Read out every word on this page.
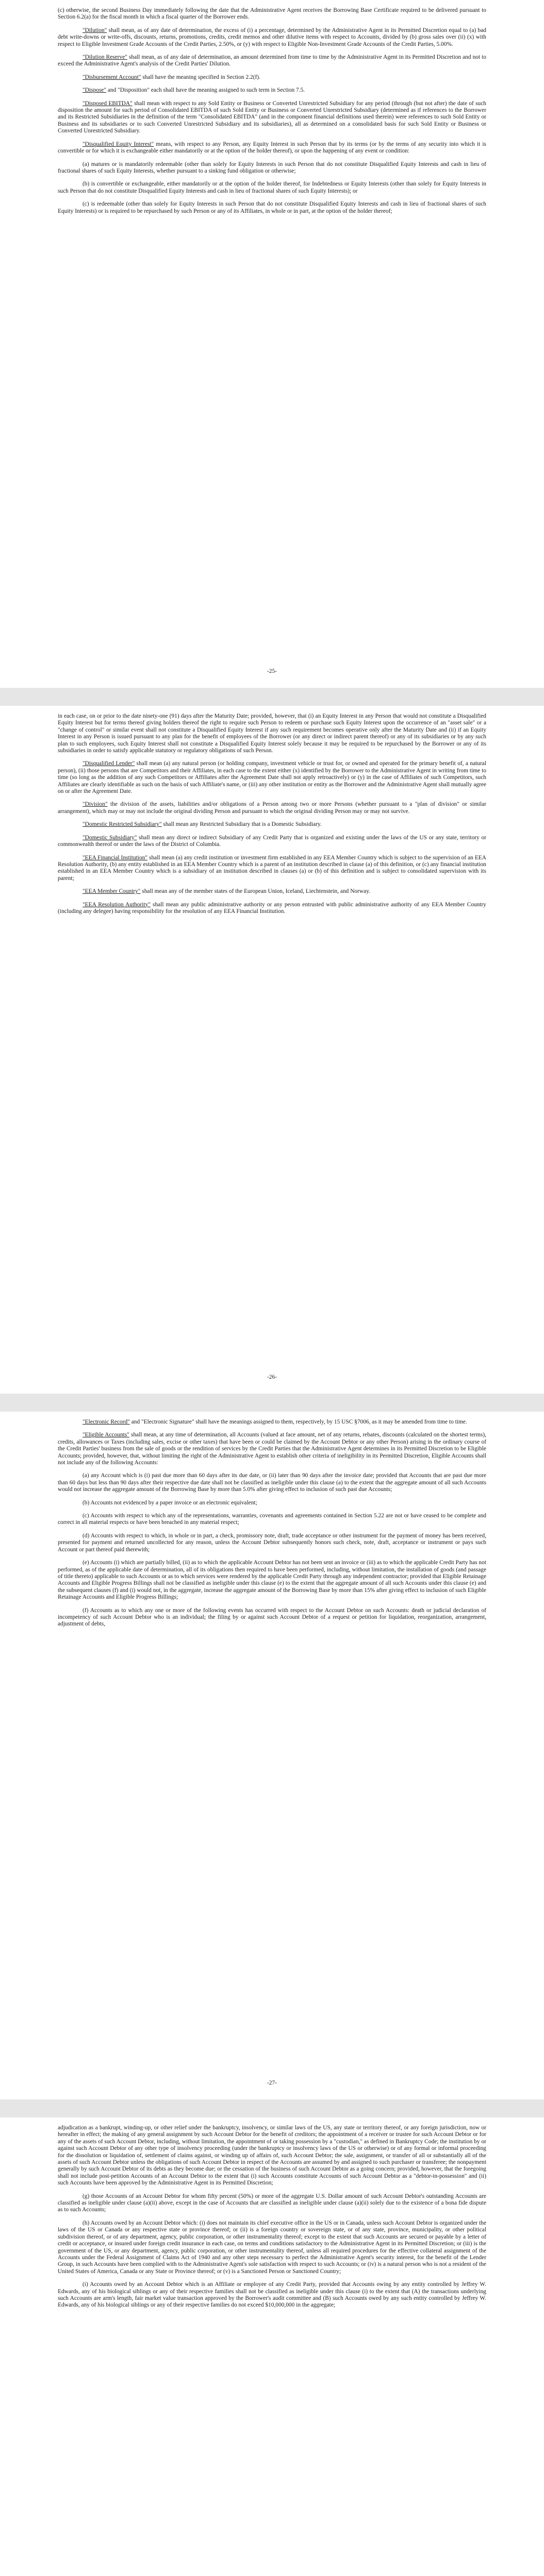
(c) otherwise, the second Business Day immediately following the date that the Administrative Agent receives the Borrowing Base Certificate required to be delivered pursuant to Section 6.2(a) for the fiscal month in which a fiscal quarter of the Borrower ends.

"Dilution" shall mean, as of any date of determination, the excess of (i) a percentage, determined by the Administrative Agent in its Permitted Discretion equal to (a) bad debt write-downs or write-offs, discounts, returns, promotions, credits, credit memos and other dilutive items with respect to Accounts, divided by (b) gross sales over (ii) (x) with respect to Eligible Investment Grade Accounts of the Credit Parties, 2.50%, or (y) with respect to Eligible Non-Investment Grade Accounts of the Credit Parties, 5.00%.

"Dilution Reserve" shall mean, as of any date of determination, an amount determined from time to time by the Administrative Agent in its Permitted Discretion and not to exceed the Administrative Agent's analysis of the Credit Parties' Dilution.

"Disbursement Account" shall have the meaning specified in Section 2.2(f).

"Dispose" and "Disposition" each shall have the meaning assigned to such term in Section 7.5.

"Disposed EBITDA" shall mean with respect to any Sold Entity or Business or Converted Unrestricted Subsidiary for any period (through (but not after) the date of such disposition the amount for such period of Consolidated EBITDA of such Sold Entity or Business or Converted Unrestricted Subsidiary (determined as if references to the Borrower and its Restricted Subsidiaries in the definition of the term "Consolidated EBITDA" (and in the component financial definitions used therein) were references to such Sold Entity or Business and its subsidiaries or to such Converted Unrestricted Subsidiary and its subsidiaries), all as determined on a consolidated basis for such Sold Entity or Business or Converted Unrestricted Subsidiary.

"Disqualified Equity Interest" means, with respect to any Person, any Equity Interest in such Person that by its terms (or by the terms of any security into which it is convertible or for which it is exchangeable either mandatorily or at the option of the holder thereof), or upon the happening of any event or condition:

(a) matures or is mandatorily redeemable (other than solely for Equity Interests in such Person that do not constitute Disqualified Equity Interests and cash in lieu of fractional shares of such Equity Interests, whether pursuant to a sinking fund obligation or otherwise;

(b) is convertible or exchangeable, either mandatorily or at the option of the holder thereof, for Indebtedness or Equity Interests (other than solely for Equity Interests in such Person that do not constitute Disqualified Equity Interests and cash in lieu of fractional shares of such Equity Interests); or

(c) is redeemable (other than solely for Equity Interests in such Person that do not constitute Disqualified Equity Interests and cash in lieu of fractional shares of such Equity Interests) or is required to be repurchased by such Person or any of its Affiliates, in whole or in part, at the option of the holder thereof;

-25-

in each case, on or prior to the date ninety-one (91) days after the Maturity Date; provided, however, that (i) an Equity Interest in any Person that would not constitute a Disqualified Equity Interest but for terms thereof giving holders thereof the right to require such Person to redeem or purchase such Equity Interest upon the occurrence of an "asset sale" or a "change of control" or similar event shall not constitute a Disqualified Equity Interest if any such requirement becomes operative only after the Maturity Date and (ii) if an Equity Interest in any Person is issued pursuant to any plan for the benefit of employees of the Borrower (or any direct or indirect parent thereof) or any of its subsidiaries or by any such plan to such employees, such Equity Interest shall not constitute a Disqualified Equity Interest solely because it may be required to be repurchased by the Borrower or any of its subsidiaries in order to satisfy applicable statutory or regulatory obligations of such Person.

"Disqualified Lender" shall mean (a) any natural person (or holding company, investment vehicle or trust for, or owned and operated for the primary benefit of, a natural person), (ii) those persons that are Competitors and their Affiliates, in each case to the extent either (x) identified by the Borrower to the Administrative Agent in writing from time to time (so long as the addition of any such Competitors or Affiliates after the Agreement Date shall not apply retroactively) or (y) in the case of Affiliates of such Competitors, such Affiliates are clearly identifiable as such on the basis of such Affiliate's name, or (iii) any other institution or entity as the Borrower and the Administrative Agent shall mutually agree on or after the Agreement Date.

"Division" the division of the assets, liabilities and/or obligations of a Person among two or more Persons (whether pursuant to a "plan of division" or similar arrangement), which may or may not include the original dividing Person and pursuant to which the original dividing Person may or may not survive.

"Domestic Restricted Subsidiary" shall mean any Restricted Subsidiary that is a Domestic Subsidiary.

"Domestic Subsidiary" shall mean any direct or indirect Subsidiary of any Credit Party that is organized and existing under the laws of the US or any state, territory or commonwealth thereof or under the laws of the District of Columbia.

"EEA Financial Institution" shall mean (a) any credit institution or investment firm established in any EEA Member Country which is subject to the supervision of an EEA Resolution Authority, (b) any entity established in an EEA Member Country which is a parent of an institution described in clause (a) of this definition, or (c) any financial institution established in an EEA Member Country which is a subsidiary of an institution described in clauses (a) or (b) of this definition and is subject to consolidated supervision with its parent;

"EEA Member Country" shall mean any of the member states of the European Union, Iceland, Liechtenstein, and Norway.

"EEA Resolution Authority" shall mean any public administrative authority or any person entrusted with public administrative authority of any EEA Member Country (including any delegee) having responsibility for the resolution of any EEA Financial Institution.

-26-

"Electronic Record" and "Electronic Signature" shall have the meanings assigned to them, respectively, by 15 USC §7006, as it may be amended from time to time.

"Eligible Accounts" shall mean, at any time of determination, all Accounts (valued at face amount, net of any returns, rebates, discounts (calculated on the shortest terms), credits, allowances or Taxes (including sales, excise or other taxes) that have been or could be claimed by the Account Debtor or any other Person) arising in the ordinary course of the Credit Parties' business from the sale of goods or the rendition of services by the Credit Parties that the Administrative Agent determines in its Permitted Discretion to be Eligible Accounts; provided, however, that, without limiting the right of the Administrative Agent to establish other criteria of ineligibility in its Permitted Discretion, Eligible Accounts shall not include any of the following Accounts:

(a) any Account which is (i) past due more than 60 days after its due date, or (ii) later than 90 days after the invoice date; provided that Accounts that are past due more than 60 days but less than 90 days after their respective due date shall not be classified as ineligible under this clause (a) to the extent that the aggregate amount of all such Accounts would not increase the aggregate amount of the Borrowing Base by more than 5.0% after giving effect to inclusion of such past due Accounts;

(b) Accounts not evidenced by a paper invoice or an electronic equivalent;

(c) Accounts with respect to which any of the representations, warranties, covenants and agreements contained in Section 5.22 are not or have ceased to be complete and correct in all material respects or have been breached in any material respect;

(d) Accounts with respect to which, in whole or in part, a check, promissory note, draft, trade acceptance or other instrument for the payment of money has been received, presented for payment and returned uncollected for any reason, unless the Account Debtor subsequently honors such check, note, draft, acceptance or instrument or pays such Account or part thereof paid therewith;

(e) Accounts (i) which are partially billed, (ii) as to which the applicable Account Debtor has not been sent an invoice or (iii) as to which the applicable Credit Party has not performed, as of the applicable date of determination, all of its obligations then required to have been performed, including, without limitation, the installation of goods (and passage of title thereto) applicable to such Accounts or as to which services were rendered by the applicable Credit Party through any independent contractor; provided that Eligible Retainage Accounts and Eligible Progress Billings shall not be classified as ineligible under this clause (e) to the extent that the aggregate amount of all such Accounts under this clause (e) and the subsequent clauses (f) and (i) would not, in the aggregate, increase the aggregate amount of the Borrowing Base by more than 15% after giving effect to inclusion of such Eligible Retainage Accounts and Eligible Progress Billings;

(f) Accounts as to which any one or more of the following events has occurred with respect to the Account Debtor on such Accounts: death or judicial declaration of incompetency of such Account Debtor who is an individual; the filing by or against such Account Debtor of a request or petition for liquidation, reorganization, arrangement, adjustment of debts,

-27-

adjudication as a bankrupt, winding-up, or other relief under the bankruptcy, insolvency, or similar laws of the US, any state or territory thereof, or any foreign jurisdiction, now or hereafter in effect; the making of any general assignment by such Account Debtor for the benefit of creditors; the appointment of a receiver or trustee for such Account Debtor or for any of the assets of such Account Debtor, including, without limitation, the appointment of or taking possession by a "custodian," as defined in Bankruptcy Code; the institution by or against such Account Debtor of any other type of insolvency proceeding (under the bankruptcy or insolvency laws of the US or otherwise) or of any formal or informal proceeding for the dissolution or liquidation of, settlement of claims against, or winding up of affairs of, such Account Debtor; the sale, assignment, or transfer of all or substantially all of the assets of such Account Debtor unless the obligations of such Account Debtor in respect of the Accounts are assumed by and assigned to such purchaser or transferee; the nonpayment generally by such Account Debtor of its debts as they become due; or the cessation of the business of such Account Debtor as a going concern; provided, however, that the foregoing shall not include post-petition Accounts of an Account Debtor to the extent that (i) such Accounts constitute Accounts of such Account Debtor as a "debtor-in-possession" and (ii) such Accounts have been approved by the Administrative Agent in its Permitted Discretion;

(g) those Accounts of an Account Debtor for whom fifty percent (50%) or more of the aggregate U.S. Dollar amount of such Account Debtor's outstanding Accounts are classified as ineligible under clause (a)(ii) above, except in the case of Accounts that are classified as ineligible under clause (a)(ii) solely due to the existence of a bona fide dispute as to such Accounts;

(h) Accounts owed by an Account Debtor which: (i) does not maintain its chief executive office in the US or in Canada, unless such Account Debtor is organized under the laws of the US or Canada or any respective state or province thereof; or (ii) is a foreign country or sovereign state, or of any state, province, municipality, or other political subdivision thereof, or of any department, agency, public corporation, or other instrumentality thereof; except to the extent that such Accounts are secured or payable by a letter of credit or acceptance, or insured under foreign credit insurance in each case, on terms and conditions satisfactory to the Administrative Agent in its Permitted Discretion; or (iii) is the government of the US, or any department, agency, public corporation, or other instrumentality thereof, unless all required procedures for the effective collateral assignment of the Accounts under the Federal Assignment of Claims Act of 1940 and any other steps necessary to perfect the Administrative Agent's security interest, for the benefit of the Lender Group, in such Accounts have been complied with to the Administrative Agent's sole satisfaction with respect to such Accounts; or (iv) is a natural person who is not a resident of the United States of America, Canada or any State or Province thereof; or (v) is a Sanctioned Person or Sanctioned Country;

(i) Accounts owed by an Account Debtor which is an Affiliate or employee of any Credit Party, provided that Accounts owing by any entity controlled by Jeffrey W. Edwards, any of his biological siblings or any of their respective families shall not be classified as ineligible under this clause (i) to the extent that (A) the transactions underlying such Accounts are arm's length, fair market value transaction approved by the Borrower's audit committee and (B) such Accounts owed by any such entity controlled by Jeffrey W. Edwards, any of his biological siblings or any of their respective families do not exceed $10,000,000 in the aggregate;
